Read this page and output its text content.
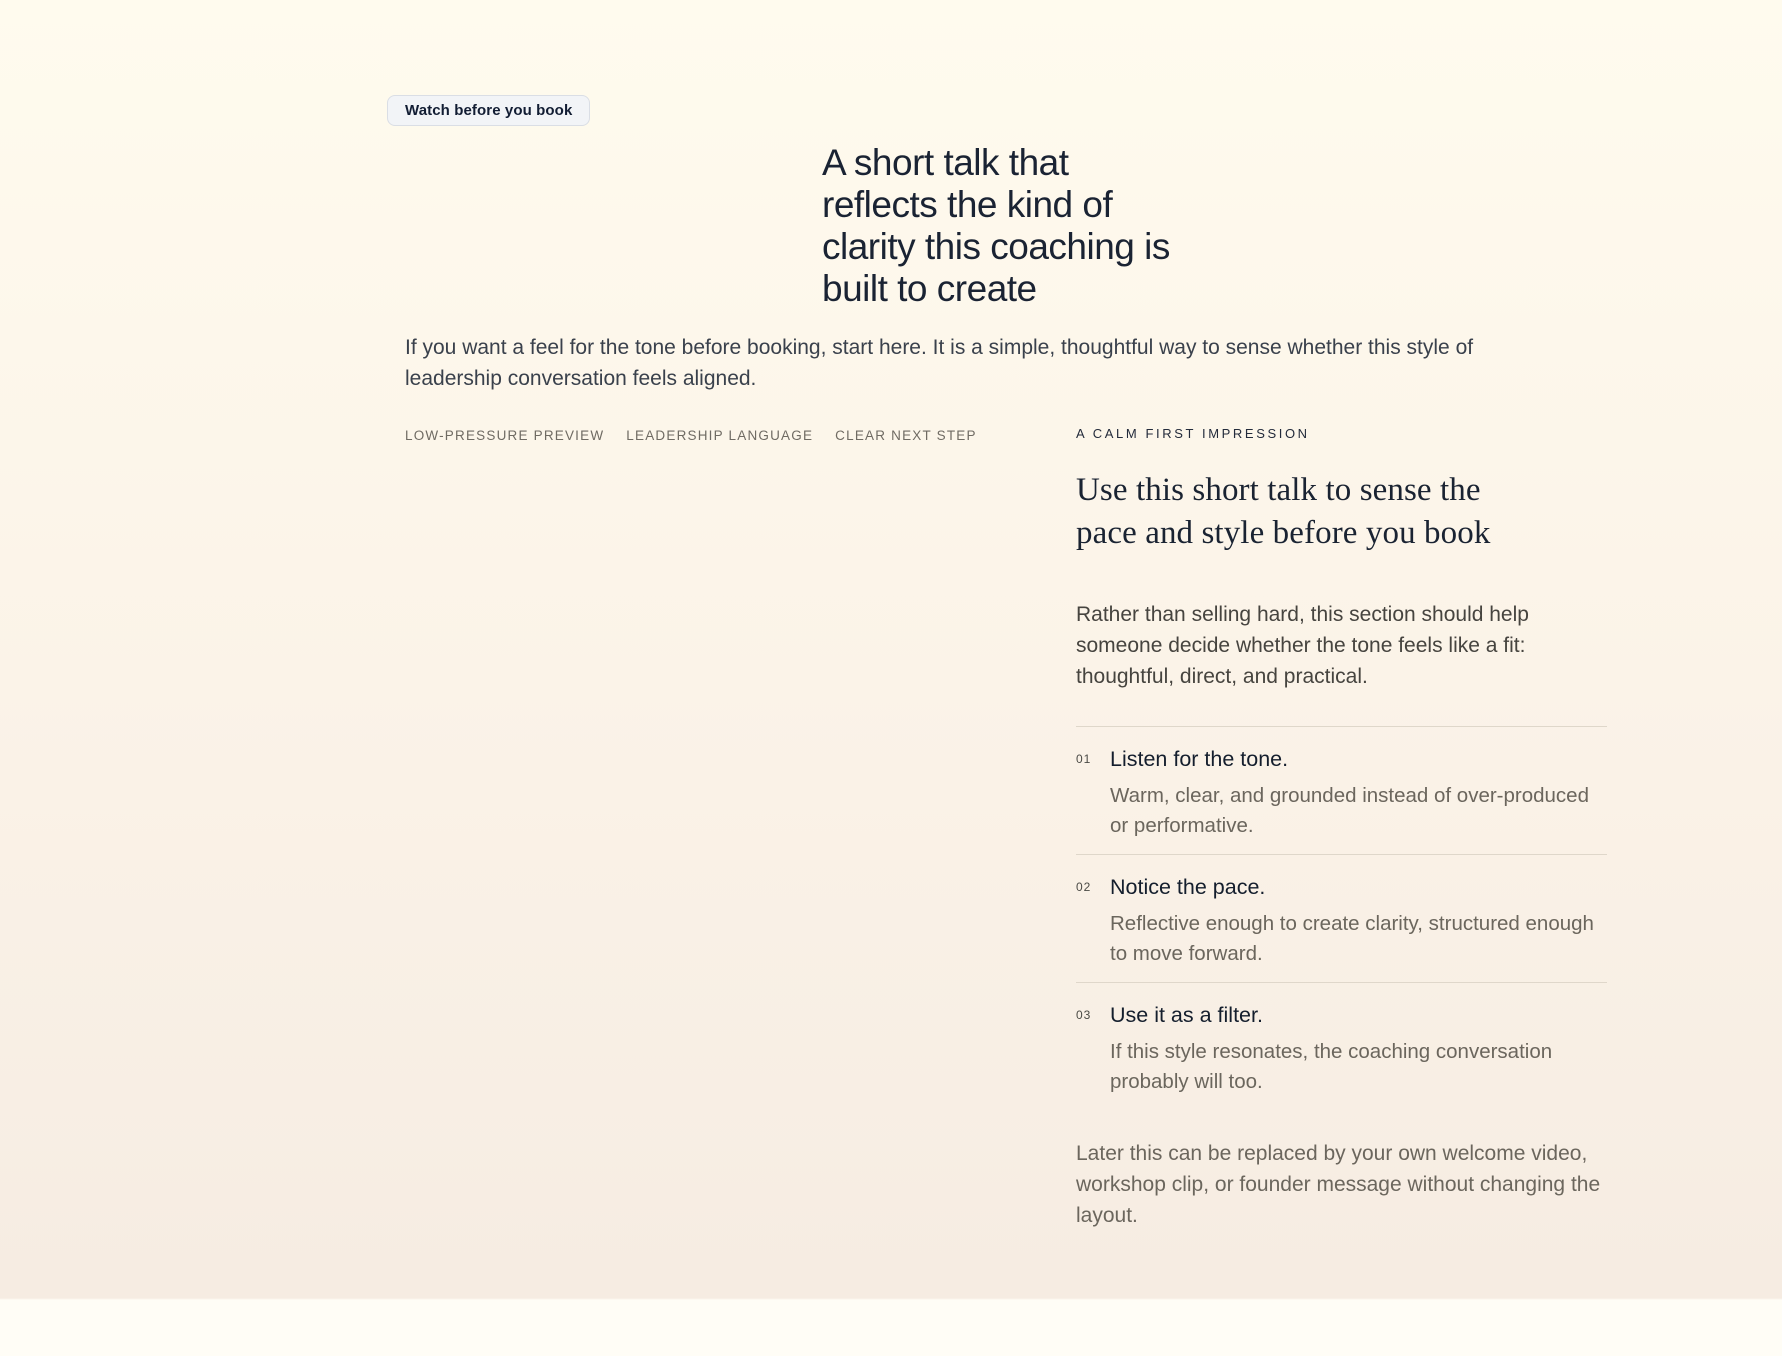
Watch before you book
A short talk that
reflects the kind of
clarity this coaching is
built to create

If you want a feel for the tone before booking, start here. It is a simple, thoughtful way to sense whether this style of leadership conversation feels aligned.

LOW-PRESSURE PREVIEW LEADERSHIP LANGUAGE CLEAR NEXT STEP	A CALM FIRST IMPRESSION
Use this short talk to sense the
pace and style before you book

Rather than selling hard, this section should help someone decide whether the tone feels like a fit: thoughtful, direct, and practical.

01 Listen for the tone.
Warm, clear, and grounded instead of over-produced or performative.
02 Notice the pace.
Reflective enough to create clarity, structured enough to move forward.
03 Use it as a filter.
If this style resonates, the coaching conversation probably will too.

Later this can be replaced by your own welcome video, workshop clip, or founder message without changing the layout.
